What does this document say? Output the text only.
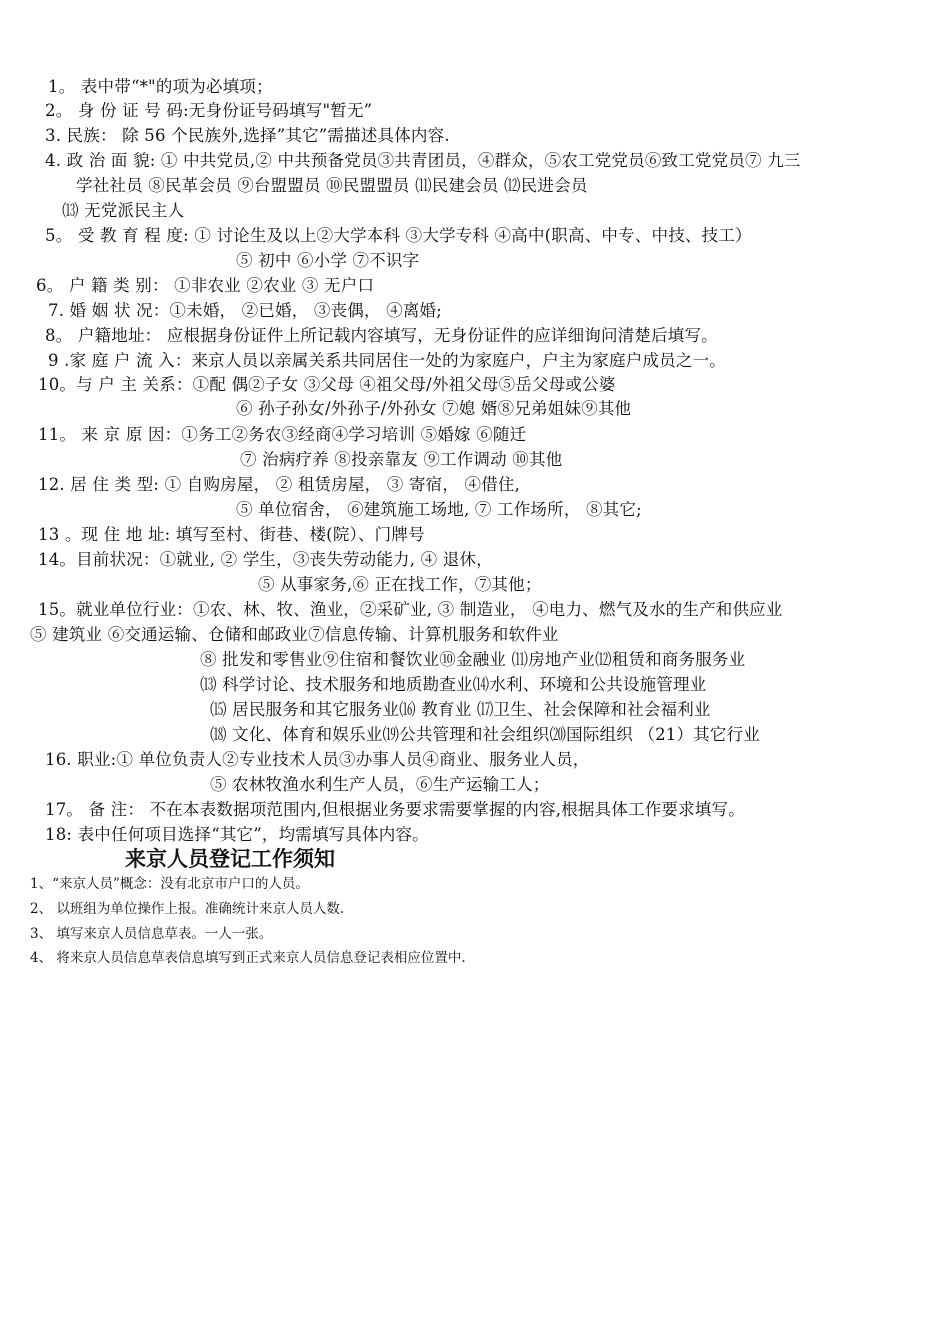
1。 表中带“*"的项为必填项；
2。 身 份 证 号 码:无身份证号码填写"暂无”
3. 民族： 除 56 个民族外,选择”其它”需描述具体内容.
4. 政 治 面 貌: ① 中共党员,② 中共预备党员③共青团员，④群众，⑤农工党党员⑥致工党党员⑦ 九三
学社社员 ⑧民革会员 ⑨台盟盟员 ⑩民盟盟员 ⑾民建会员 ⑿民进会员
⒀ 无党派民主人
5。 受 教 育 程 度: ① 讨论生及以上②大学本科 ③大学专科 ④高中(职高、中专、中技、技工）
⑤ 初中 ⑥小学 ⑦不识字
6。 户 籍 类 别： ①非农业 ②农业 ③ 无户口
7. 婚 姻 状 况：①未婚， ②已婚， ③丧偶， ④离婚;
8。 户籍地址： 应根据身份证件上所记载内容填写，无身份证件的应详细询问清楚后填写。
9 .家 庭 户 流 入：来京人员以亲属关系共同居住一处的为家庭户，户主为家庭户成员之一。
10。与 户 主 关系：①配 偶②子女 ③父母 ④祖父母/外祖父母⑤岳父母或公婆
⑥ 孙子孙女/外孙子/外孙女 ⑦媳 婿⑧兄弟姐妹⑨其他
11。 来 京 原 因：①务工②务农③经商④学习培训 ⑤婚嫁 ⑥随迁
⑦ 治病疗养 ⑧投亲靠友 ⑨工作调动 ⑩其他
12. 居 住 类 型: ① 自购房屋， ② 租赁房屋， ③ 寄宿， ④借住,
⑤ 单位宿舍， ⑥建筑施工场地, ⑦ 工作场所， ⑧其它;
13 。现 住 地 址: 填写至村、街巷、楼(院）、门牌号
14。目前状况：①就业, ② 学生，③丧失劳动能力, ④ 退休，
⑤ 从事家务,⑥ 正在找工作，⑦其他；
15。就业单位行业：①农、林、牧、渔业，②采矿业, ③ 制造业， ④电力、燃气及水的生产和供应业
⑤ 建筑业 ⑥交通运输、仓储和邮政业⑦信息传输、计算机服务和软件业
⑧ 批发和零售业⑨住宿和餐饮业⑩金融业 ⑾房地产业⑿租赁和商务服务业
⒀ 科学讨论、技术服务和地质勘查业⒁水利、环境和公共设施管理业
⒂ 居民服务和其它服务业⒃ 教育业 ⒄卫生、社会保障和社会福利业
⒅ 文化、体育和娱乐业⒆公共管理和社会组织⒇国际组织 （21）其它行业
16. 职业:① 单位负责人②专业技术人员③办事人员④商业、服务业人员，
⑤ 农林牧渔水利生产人员，⑥生产运输工人；
17。 备 注： 不在本表数据项范围内,但根据业务要求需要掌握的内容,根据具体工作要求填写。
18: 表中任何项目选择“其它”，均需填写具体内容。
来京人员登记工作须知
1、“来京人员”概念：没有北京市户口的人员。
2、 以班组为单位操作上报。准确统计来京人员人数.
3、 填写来京人员信息草表。一人一张。
4、 将来京人员信息草表信息填写到正式来京人员信息登记表相应位置中.
